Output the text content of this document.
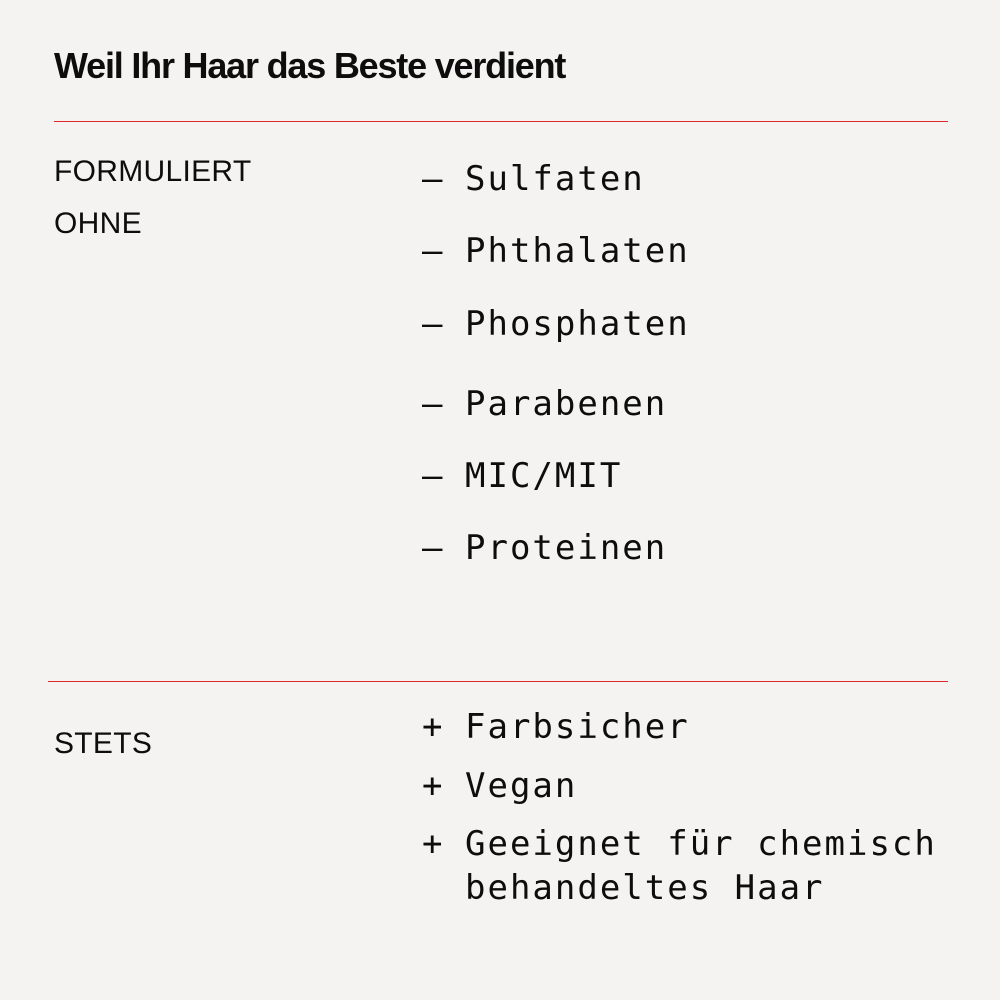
Weil Ihr Haar das Beste verdient
FORMULIERT
OHNE
— Sulfaten
— Phthalaten
— Phosphaten
— Parabenen
— MIC/MIT
— Proteinen
STETS	+ Farbsicher
+ Vegan
+ Geeignet für chemisch
behandeltes Haar
